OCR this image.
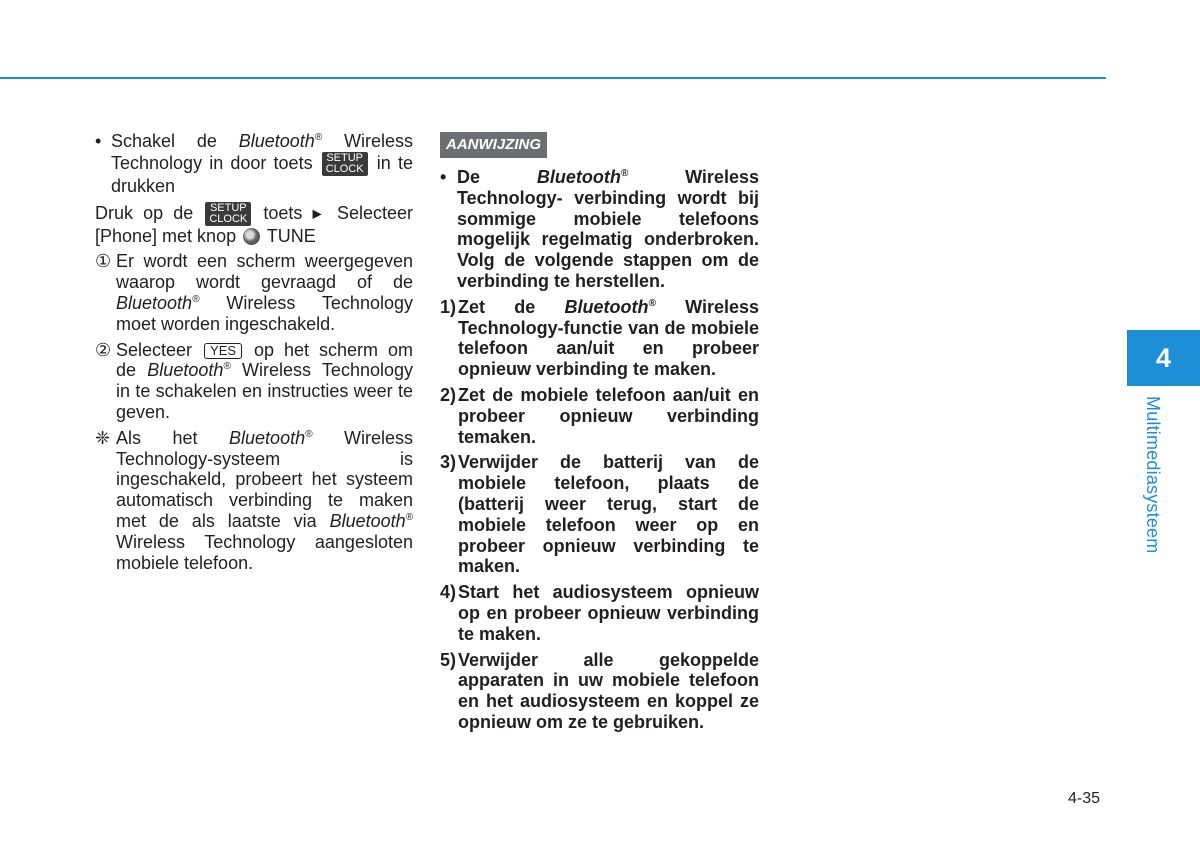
4
Multimediasysteem
• Schakel de Bluetooth® Wireless Technology in door toets SETUP
CLOCK in te drukken

Druk op de SETUP
CLOCK toets ▶ Selecteer [Phone] met knop TUNE

① Er wordt een scherm weergegeven waarop wordt gevraagd of de Bluetooth® Wireless Technology moet worden ingeschakeld.
② Selecteer YES op het scherm om de Bluetooth® Wireless Technology in te schakelen en instructies weer te geven.
❈ Als het Bluetooth® Wireless Technology-systeem is ingeschakeld, probeert het systeem automatisch verbinding te maken met de als laatste via Bluetooth® Wireless Technology aangesloten mobiele telefoon.
AANWIJZING
• De	Bluetooth®	Wireless Technology- verbinding wordt bij sommige mobiele telefoons mogelijk regelmatig onderbroken. Volg de volgende stappen om de verbinding te herstellen.
1) Zet de Bluetooth® Wireless Technology-functie van de mobiele telefoon aan/uit en probeer opnieuw verbinding te maken.
2) Zet de mobiele telefoon aan/uit en probeer opnieuw verbinding temaken.
3) Verwijder de batterij van de mobiele telefoon, plaats de (batterij weer terug, start de mobiele telefoon weer op en probeer opnieuw verbinding te maken.
4) Start het audiosysteem opnieuw op en probeer opnieuw verbinding te maken.
5) Verwijder alle gekoppelde apparaten in uw mobiele telefoon en het audiosysteem en koppel ze opnieuw om ze te gebruiken.
4-35
